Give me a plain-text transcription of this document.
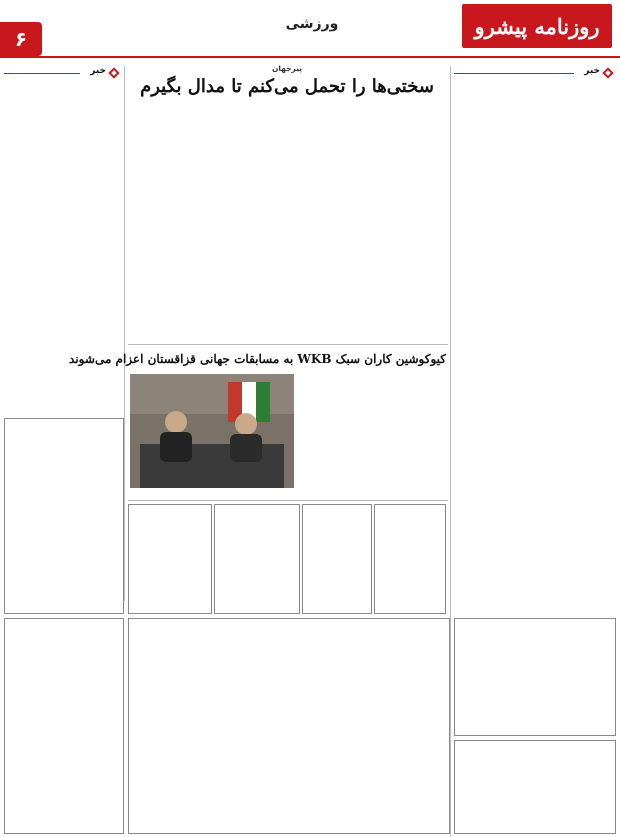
روزنامه پیشرو
ورزشی
۶
خبر
خبر	پیرجهان
سختی‌ها را تحمل می‌کنم تا مدال بگیرم
کیوکوشین کاران سبک WKB به مسابقات جهانی قزاقستان اعزام می‌شوند
